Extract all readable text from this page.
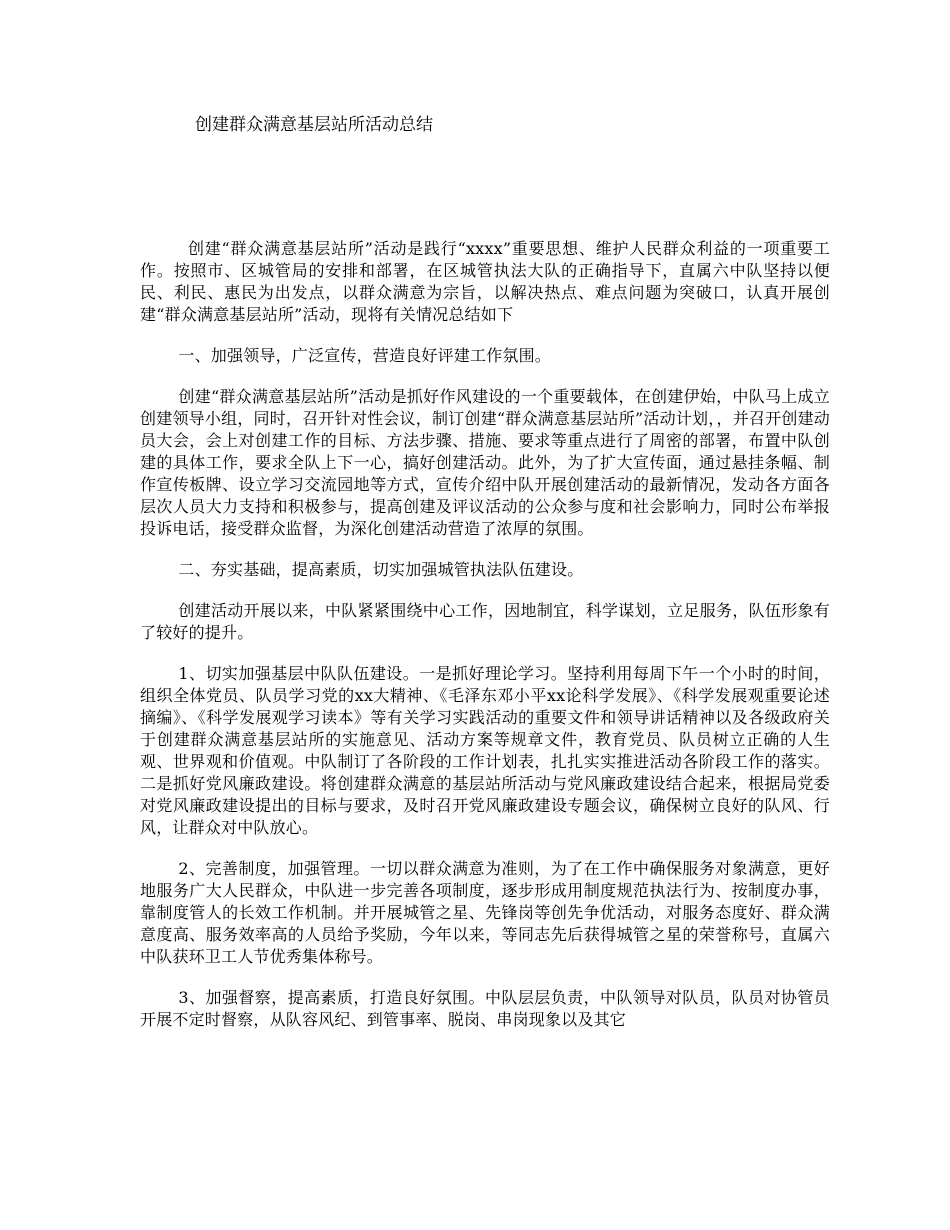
创建群众满意基层站所活动总结

创建“群众满意基层站所”活动是践行“xxxx”重要思想、维护人民群众利益的一项重要工作。按照市、区城管局的安排和部署，在区城管执法大队的正确指导下，直属六中队坚持以便民、利民、惠民为出发点，以群众满意为宗旨，以解决热点、难点问题为突破口，认真开展创建“群众满意基层站所”活动，现将有关情况总结如下

一、加强领导，广泛宣传，营造良好评建工作氛围。

创建“群众满意基层站所”活动是抓好作风建设的一个重要载体，在创建伊始，中队马上成立创建领导小组，同时，召开针对性会议，制订创建“群众满意基层站所”活动计划，，并召开创建动员大会，会上对创建工作的目标、方法步骤、措施、要求等重点进行了周密的部署，布置中队创建的具体工作，要求全队上下一心，搞好创建活动。此外，为了扩大宣传面，通过悬挂条幅、制作宣传板牌、设立学习交流园地等方式，宣传介绍中队开展创建活动的最新情况，发动各方面各层次人员大力支持和积极参与，提高创建及评议活动的公众参与度和社会影响力，同时公布举报投诉电话，接受群众监督，为深化创建活动营造了浓厚的氛围。

二、夯实基础，提高素质，切实加强城管执法队伍建设。

创建活动开展以来，中队紧紧围绕中心工作，因地制宜，科学谋划，立足服务，队伍形象有了较好的提升。

1、切实加强基层中队队伍建设。一是抓好理论学习。坚持利用每周下午一个小时的时间，组织全体党员、队员学习党的xx大精神、《毛泽东邓小平xx论科学发展》、《科学发展观重要论述摘编》、《科学发展观学习读本》等有关学习实践活动的重要文件和领导讲话精神以及各级政府关于创建群众满意基层站所的实施意见、活动方案等规章文件，教育党员、队员树立正确的人生观、世界观和价值观。中队制订了各阶段的工作计划表，扎扎实实推进活动各阶段工作的落实。二是抓好党风廉政建设。将创建群众满意的基层站所活动与党风廉政建设结合起来，根据局党委对党风廉政建设提出的目标与要求，及时召开党风廉政建设专题会议，确保树立良好的队风、行风，让群众对中队放心。

2、完善制度，加强管理。一切以群众满意为准则，为了在工作中确保服务对象满意，更好地服务广大人民群众，中队进一步完善各项制度，逐步形成用制度规范执法行为、按制度办事，靠制度管人的长效工作机制。并开展城管之星、先锋岗等创先争优活动，对服务态度好、群众满意度高、服务效率高的人员给予奖励，今年以来，等同志先后获得城管之星的荣誉称号，直属六中队获环卫工人节优秀集体称号。

3、加强督察，提高素质，打造良好氛围。中队层层负责，中队领导对队员，队员对协管员开展不定时督察，从队容风纪、到管事率、脱岗、串岗现象以及其它
